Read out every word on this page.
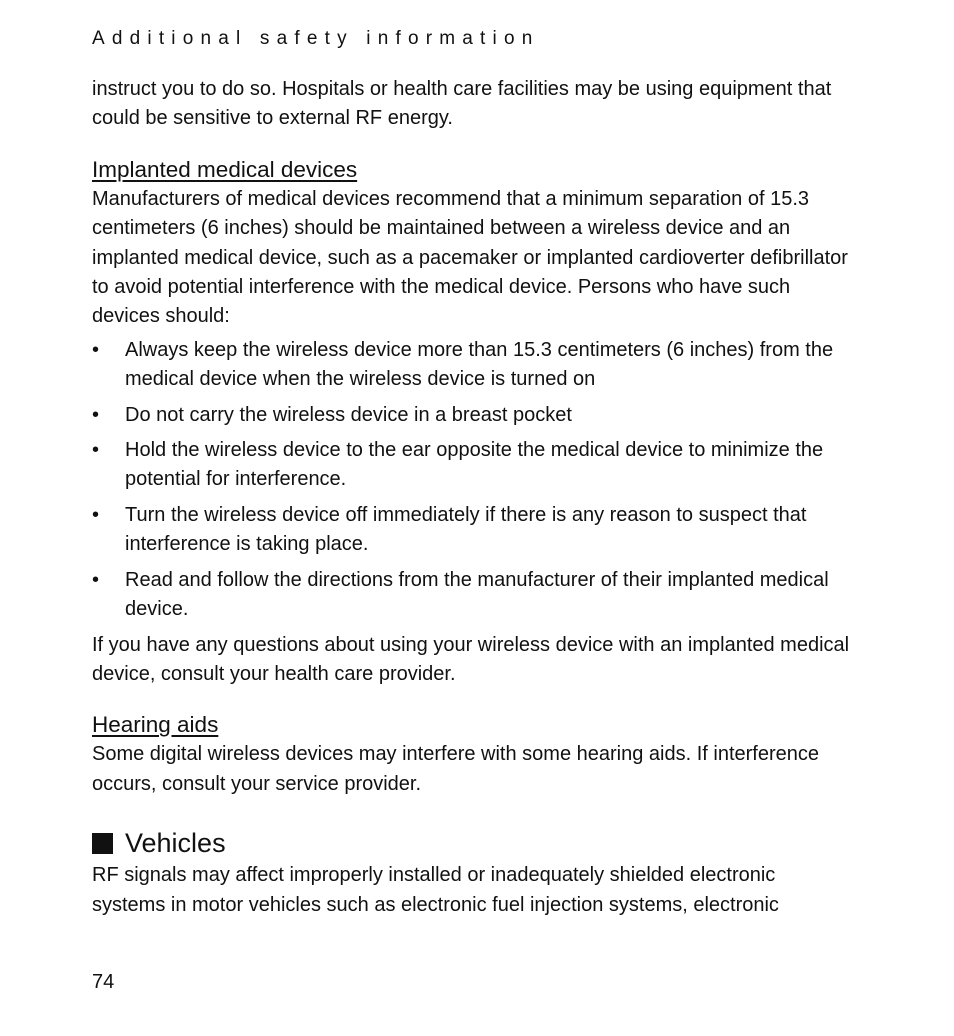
Additional safety information

instruct you to do so. Hospitals or health care facilities may be using equipment that could be sensitive to external RF energy.

Implanted medical devices

Manufacturers of medical devices recommend that a minimum separation of 15.3 centimeters (6 inches) should be maintained between a wireless device and an implanted medical device, such as a pacemaker or implanted cardioverter defibrillator to avoid potential interference with the medical device. Persons who have such devices should:

• Always keep the wireless device more than 15.3 centimeters (6 inches) from the medical device when the wireless device is turned on
• Do not carry the wireless device in a breast pocket
• Hold the wireless device to the ear opposite the medical device to minimize the potential for interference.
• Turn the wireless device off immediately if there is any reason to suspect that interference is taking place.
• Read and follow the directions from the manufacturer of their implanted medical device.

If you have any questions about using your wireless device with an implanted medical device, consult your health care provider.

Hearing aids

Some digital wireless devices may interfere with some hearing aids. If interference occurs, consult your service provider.

Vehicles

RF signals may affect improperly installed or inadequately shielded electronic systems in motor vehicles such as electronic fuel injection systems, electronic

74
